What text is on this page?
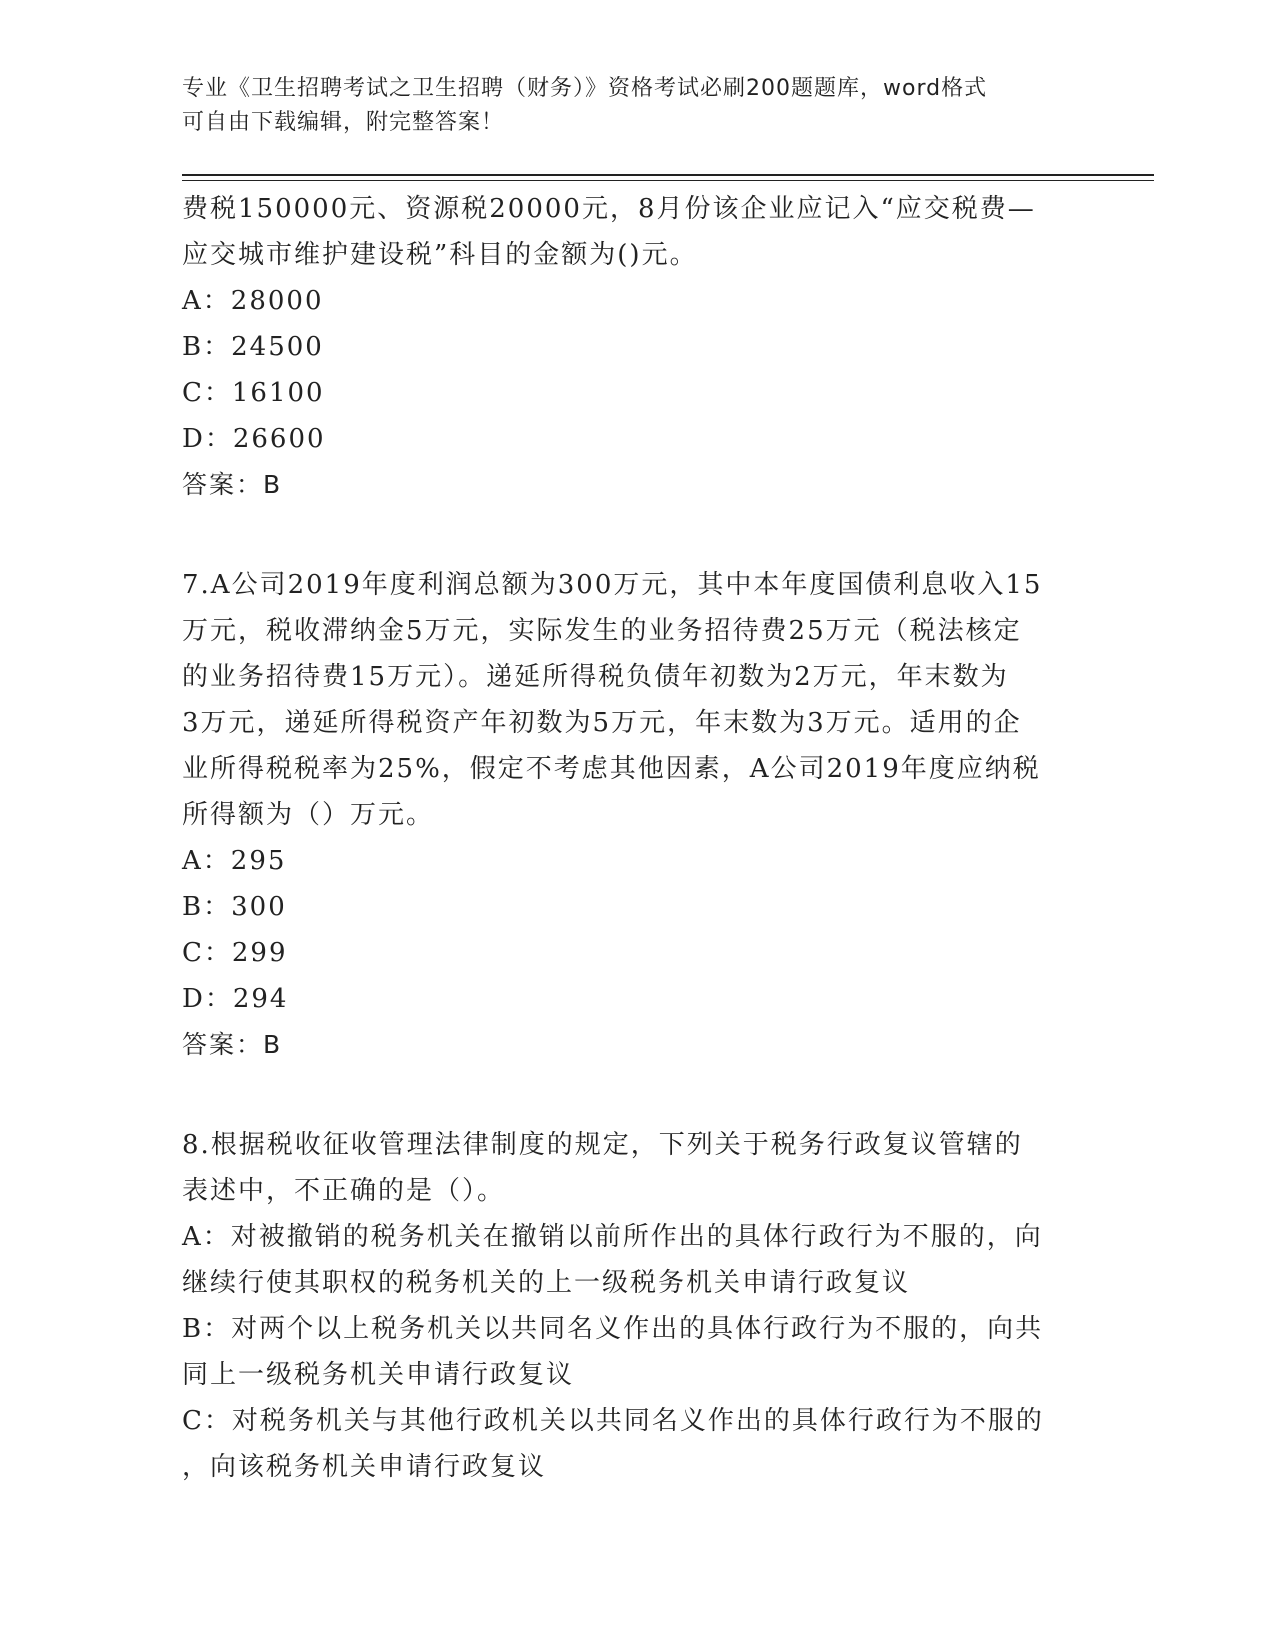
专业《卫生招聘考试之卫生招聘（财务）》资格考试必刷200题题库，word格式
可自由下载编辑，附完整答案！
费税150000元、资源税20000元，8月份该企业应记入“应交税费—
应交城市维护建设税”科目的金额为()元。
A：28000
B：24500
C：16100
D：26600
答案：B
7.A公司2019年度利润总额为300万元，其中本年度国债利息收入15
万元，税收滞纳金5万元，实际发生的业务招待费25万元（税法核定
的业务招待费15万元）。递延所得税负债年初数为2万元，年末数为
3万元，递延所得税资产年初数为5万元，年末数为3万元。适用的企
业所得税税率为25%，假定不考虑其他因素，A公司2019年度应纳税
所得额为（）万元。
A：295
B：300
C：299
D：294
答案：B
8.根据税收征收管理法律制度的规定，下列关于税务行政复议管辖的
表述中，不正确的是（）。
A：对被撤销的税务机关在撤销以前所作出的具体行政行为不服的，向
继续行使其职权的税务机关的上一级税务机关申请行政复议
B：对两个以上税务机关以共同名义作出的具体行政行为不服的，向共
同上一级税务机关申请行政复议
C：对税务机关与其他行政机关以共同名义作出的具体行政行为不服的
，向该税务机关申请行政复议
